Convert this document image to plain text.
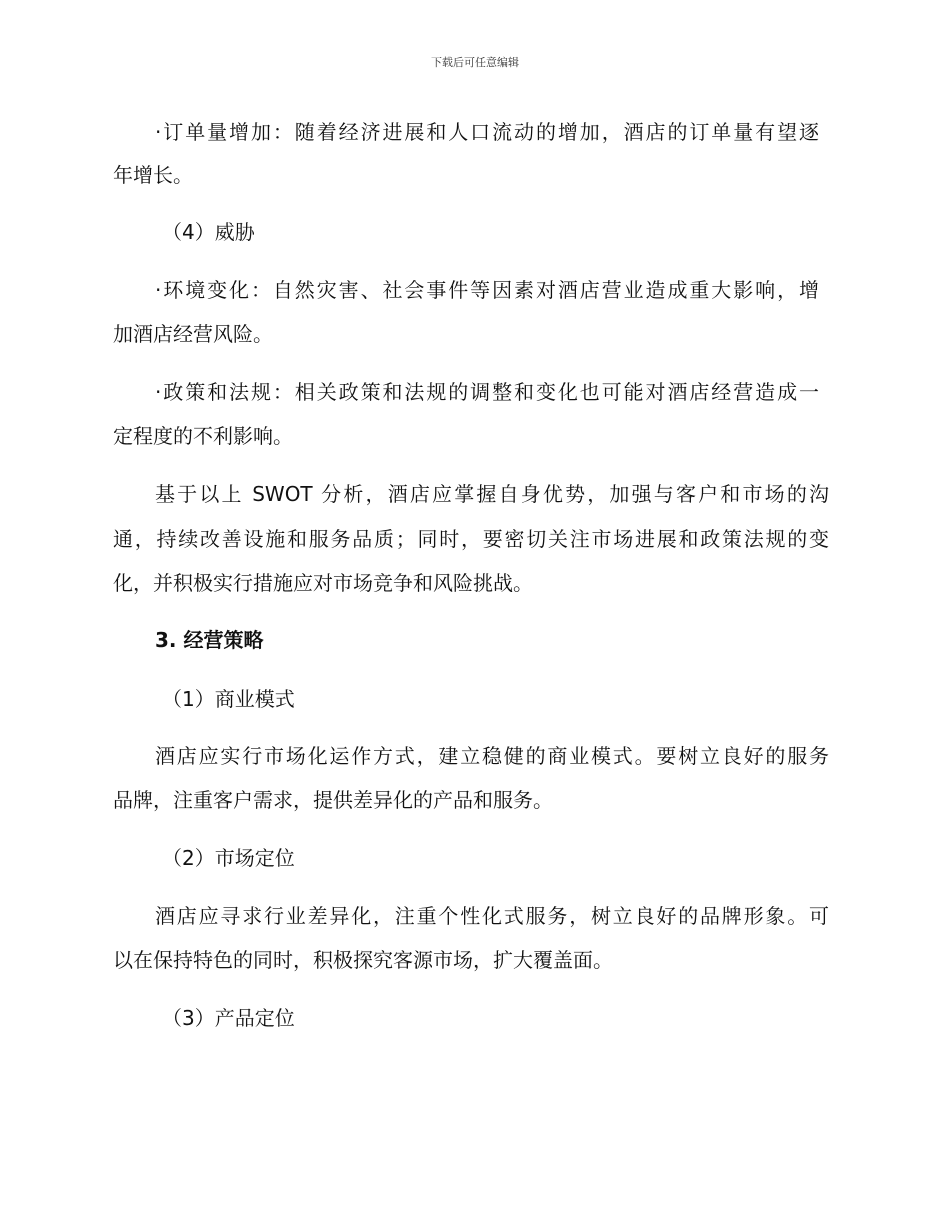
下载后可任意编辑
·订单量增加：随着经济进展和人口流动的增加，酒店的订单量有望逐
年增长。
（4）威胁
·环境变化：自然灾害、社会事件等因素对酒店营业造成重大影响，增
加酒店经营风险。
·政策和法规：相关政策和法规的调整和变化也可能对酒店经营造成一
定程度的不利影响。
基于以上 SWOT 分析，酒店应掌握自身优势，加强与客户和市场的沟
通，持续改善设施和服务品质；同时，要密切关注市场进展和政策法规的变
化，并积极实行措施应对市场竞争和风险挑战。
3. 经营策略
（1）商业模式
酒店应实行市场化运作方式，建立稳健的商业模式。要树立良好的服务
品牌，注重客户需求，提供差异化的产品和服务。
（2）市场定位
酒店应寻求行业差异化，注重个性化式服务，树立良好的品牌形象。可
以在保持特色的同时，积极探究客源市场，扩大覆盖面。
（3）产品定位
